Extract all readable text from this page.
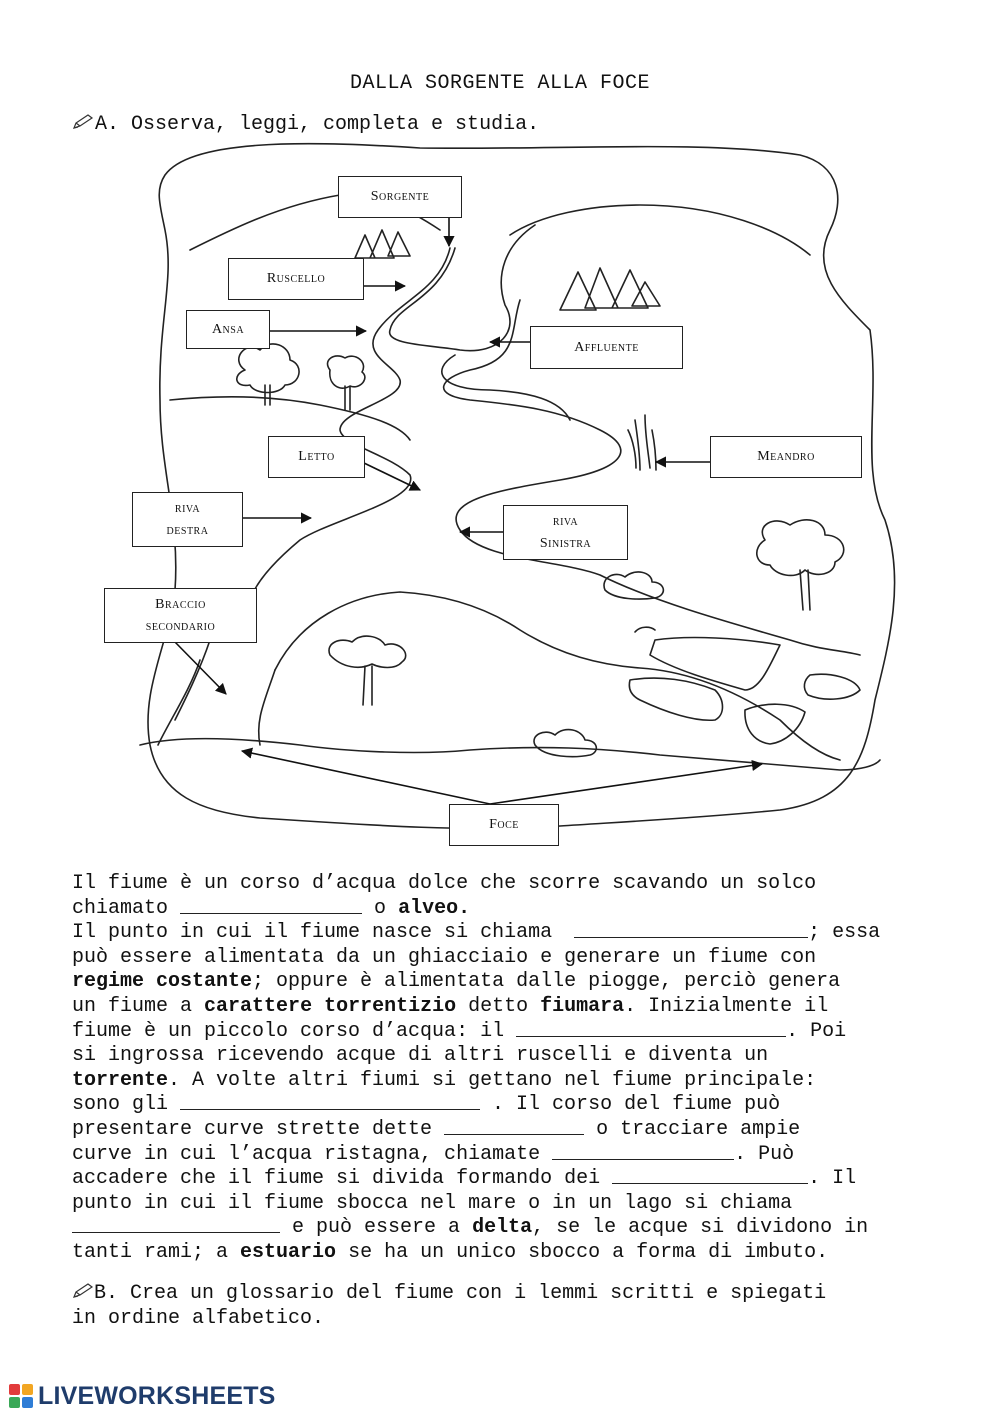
DALLA SORGENTE ALLA FOCE
A. Osserva, leggi, completa e studia.
Sorgente
Ruscello
Ansa
Affluente
Letto	Meandro
riva
destra
riva
Sinistra
Braccio
secondario
Foce
Il fiume è un corso d’acqua dolce che scorre scavando un solco
chiamato	o alveo.
Il punto in cui il fiume nasce si chiama	; essa
può essere alimentata da un ghiacciaio e generare un fiume con
regime costante; oppure è alimentata dalle piogge, perciò genera
un fiume a carattere torrentizio detto fiumara. Inizialmente il
fiume è un piccolo corso d’acqua: il	. Poi
si ingrossa ricevendo acque di altri ruscelli e diventa un
torrente. A volte altri fiumi si gettano nel fiume principale:
sono gli	. Il corso del fiume può
presentare curve strette dette	o tracciare ampie
curve in cui l’acqua ristagna, chiamate	. Può
accadere che il fiume si divida formando dei	. Il
punto in cui il fiume sbocca nel mare o in un lago si chiama
e può essere a delta, se le acque si dividono in
tanti rami; a estuario se ha un unico sbocco a forma di imbuto.
B. Crea un glossario del fiume con i lemmi scritti e spiegati
in ordine alfabetico.
LIVEWORKSHEETS
